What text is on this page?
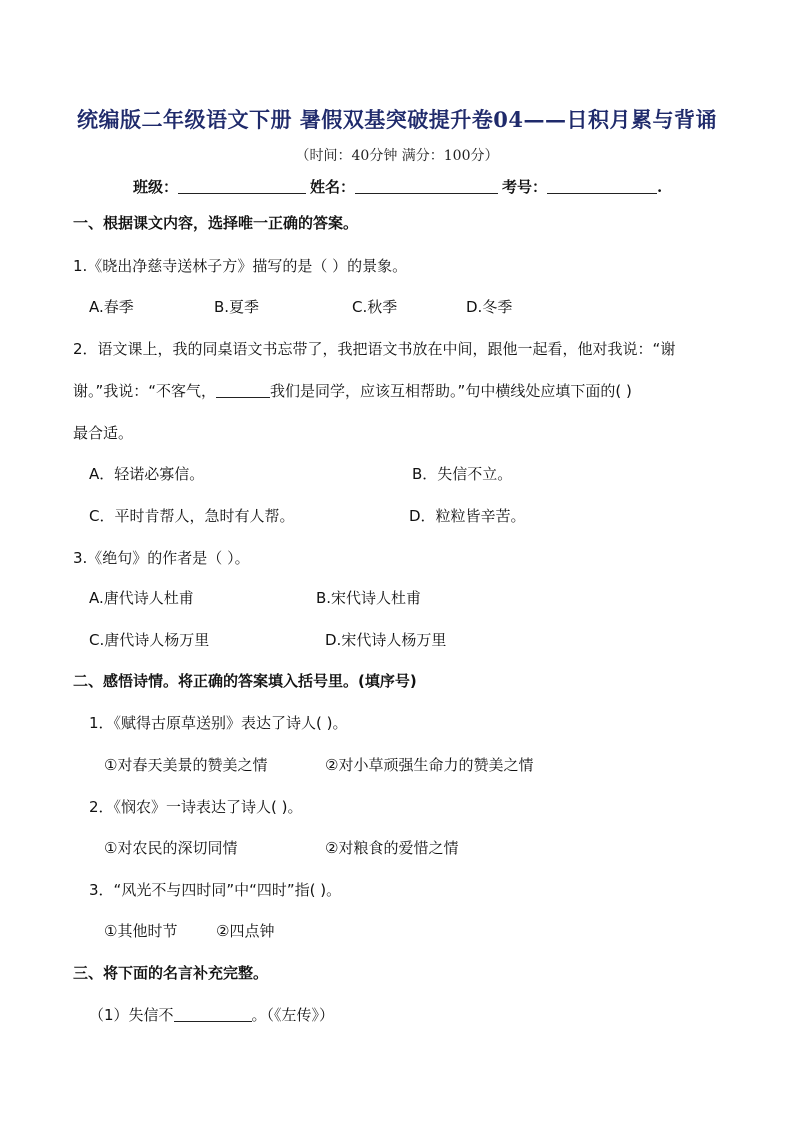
统编版二年级语文下册 暑假双基突破提升卷04——日积月累与背诵
（时间：40分钟 满分：100分）
班级：	姓名：	考号：	.
一、根据课文内容，选择唯一正确的答案。
1.《晓出净慈寺送林子方》描写的是（ ）的景象。
A.春季	B.夏季	C.秋季	D.冬季
2．语文课上，我的同桌语文书忘带了，我把语文书放在中间，跟他一起看，他对我说：“谢
谢。”我说：“不客气，	我们是同学，应该互相帮助。”句中横线处应填下面的( )
最合适。
A．轻诺必寡信。	B．失信不立。
C．平时肯帮人，急时有人帮。	D．粒粒皆辛苦。
3.《绝句》的作者是（ ）。
A.唐代诗人杜甫	B.宋代诗人杜甫
C.唐代诗人杨万里	D.宋代诗人杨万里
二、感悟诗情。将正确的答案填入括号里。(填序号)
1．《赋得古原草送别》表达了诗人( )。
①对春天美景的赞美之情	②对小草顽强生命力的赞美之情
2．《悯农》一诗表达了诗人( )。
①对农民的深切同情	②对粮食的爱惜之情
3．“风光不与四时同”中“四时”指( )。
①其他时节	②四点钟
三、将下面的名言补充完整。
（1）失信不	。（《左传》）
